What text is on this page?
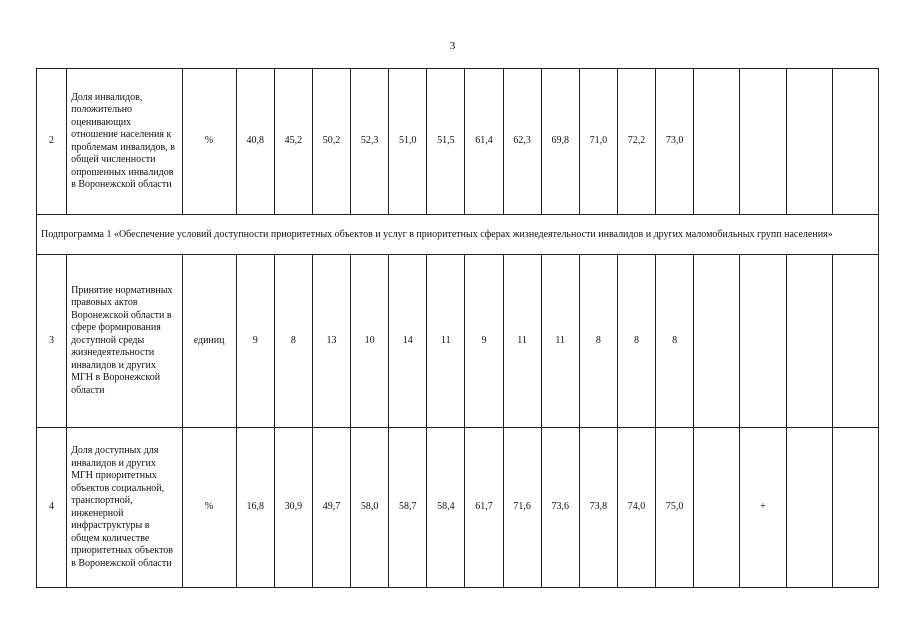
3
2	Доля инвалидов, положительно оценивающих отношение населения к проблемам инвалидов, в общей численности опрошенных инвалидов в Воронежской области	%	40,8	45,2	50,2	52,3	51,0	51,5	61,4	62,3	69,8	71,0	72,2	73,0				
Подпрограмма 1 «Обеспечение условий доступности приоритетных объектов и услуг в приоритетных сферах жизнедеятельности инвалидов и других маломобильных групп населения»																		
3	Принятие нормативных правовых актов Воронежской области в сфере формирования доступной среды жизнедеятельности инвалидов и других МГН в Воронежской области	единиц	9	8	13	10	14	11	9	11	11	8	8	8				
4	Доля доступных для инвалидов и других МГН приоритетных объектов социальной, транспортной, инженерной инфраструктуры в общем количестве приоритетных объектов в Воронежской области	%	16,8	30,9	49,7	58,0	58,7	58,4	61,7	71,6	73,6	73,8	74,0	75,0		+		
